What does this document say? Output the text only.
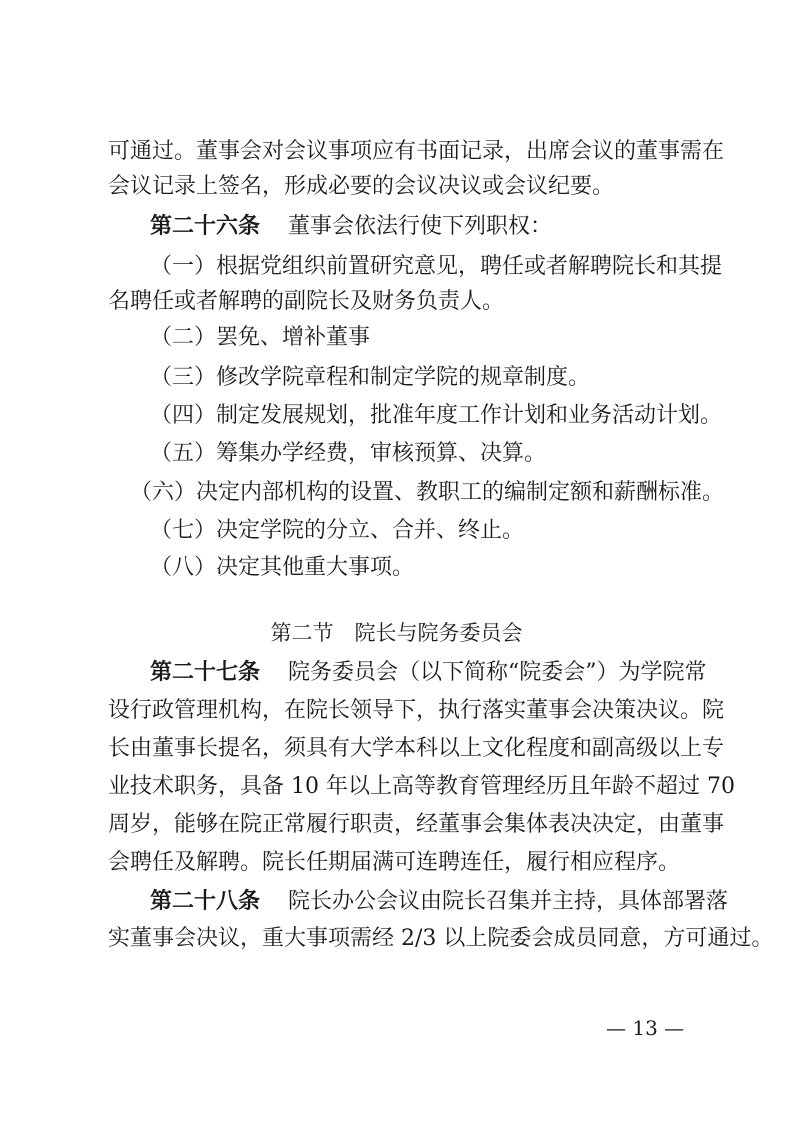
可通过。董事会对会议事项应有书面记录，出席会议的董事需在
会议记录上签名，形成必要的会议决议或会议纪要。
第二十六条 董事会依法行使下列职权：
（一）根据党组织前置研究意见，聘任或者解聘院长和其提
名聘任或者解聘的副院长及财务负责人。
（二）罢免、增补董事
（三）修改学院章程和制定学院的规章制度。
（四）制定发展规划，批准年度工作计划和业务活动计划。
（五）筹集办学经费，审核预算、决算。
（六）决定内部机构的设置、教职工的编制定额和薪酬标准。
（七）决定学院的分立、合并、终止。
（八）决定其他重大事项。
第二节　院长与院务委员会
第二十七条 院务委员会（以下简称“院委会”）为学院常
设行政管理机构，在院长领导下，执行落实董事会决策决议。院
长由董事长提名，须具有大学本科以上文化程度和副高级以上专
业技术职务，具备 10 年以上高等教育管理经历且年龄不超过 70
周岁，能够在院正常履行职责，经董事会集体表决决定，由董事
会聘任及解聘。院长任期届满可连聘连任，履行相应程序。
第二十八条 院长办公会议由院长召集并主持，具体部署落
实董事会决议，重大事项需经 2/3 以上院委会成员同意，方可通过。
— 13 —
